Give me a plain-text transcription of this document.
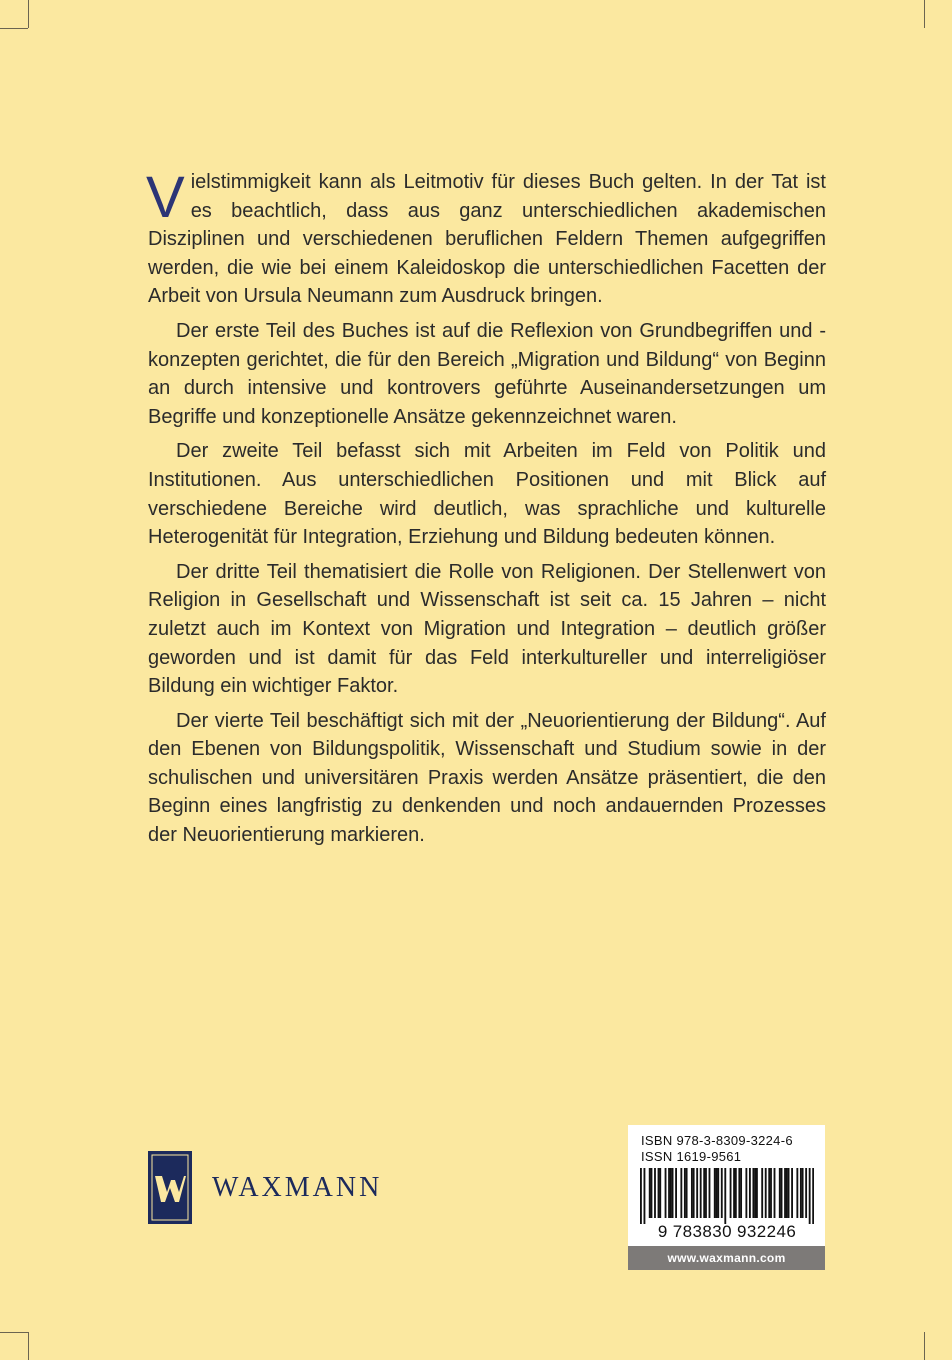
Vielstimmigkeit kann als Leitmotiv für dieses Buch gelten. In der Tat ist es beachtlich, dass aus ganz unterschiedlichen akademischen Disziplinen und verschiedenen beruflichen Feldern Themen aufgegriffen werden, die wie bei einem Kaleidoskop die unterschiedlichen Facetten der Arbeit von Ursula Neumann zum Ausdruck bringen.

Der erste Teil des Buches ist auf die Reflexion von Grundbegriffen und -konzepten gerichtet, die für den Bereich „Migration und Bildung“ von Beginn an durch intensive und kontrovers geführte Auseinandersetzungen um Begriffe und konzeptionelle Ansätze gekennzeichnet waren.

Der zweite Teil befasst sich mit Arbeiten im Feld von Politik und Institutionen. Aus unterschiedlichen Positionen und mit Blick auf verschiedene Bereiche wird deutlich, was sprachliche und kulturelle Heterogenität für Integration, Erziehung und Bildung bedeuten können.

Der dritte Teil thematisiert die Rolle von Religionen. Der Stellenwert von Religion in Gesellschaft und Wissenschaft ist seit ca. 15 Jahren – nicht zuletzt auch im Kontext von Migration und Integration – deutlich größer geworden und ist damit für das Feld interkultureller und interreligiöser Bildung ein wichtiger Faktor.

Der vierte Teil beschäftigt sich mit der „Neuorientierung der Bildung“. Auf den Ebenen von Bildungspolitik, Wissenschaft und Studium sowie in der schulischen und universitären Praxis werden Ansätze präsentiert, die den Beginn eines langfristig zu denkenden und noch andauernden Prozesses der Neuorientierung markieren.

WAXMANN
ISBN 978-3-8309-3224-6
ISSN 1619-9561
9 783830 932246
www.waxmann.com
